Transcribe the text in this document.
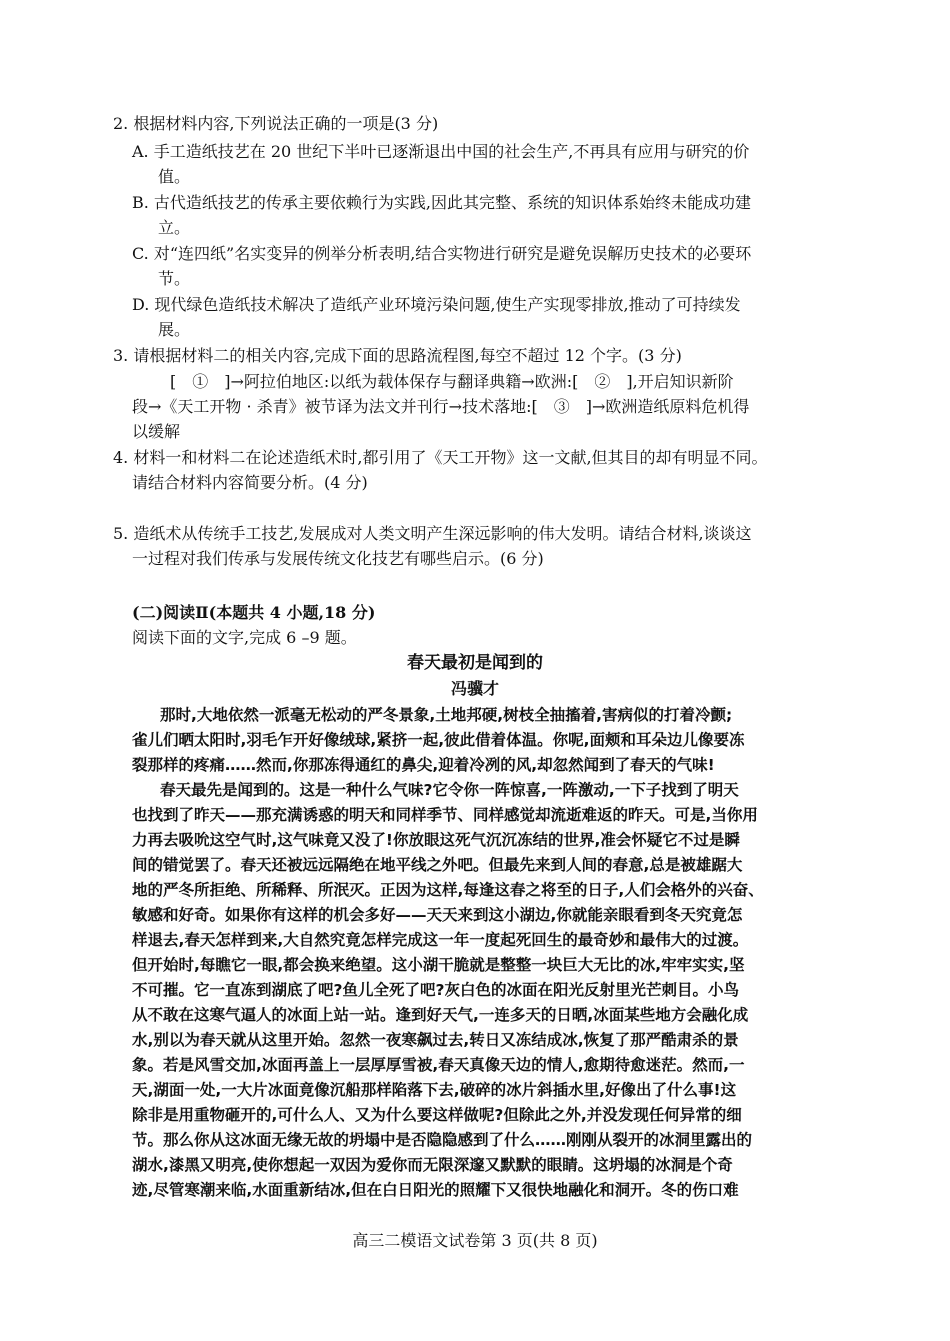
2. 根据材料内容,下列说法正确的一项是(3 分)
A. 手工造纸技艺在 20 世纪下半叶已逐渐退出中国的社会生产,不再具有应用与研究的价
值。
B. 古代造纸技艺的传承主要依赖行为实践,因此其完整、系统的知识体系始终未能成功建
立。
C. 对“连四纸”名实变异的例举分析表明,结合实物进行研究是避免误解历史技术的必要环
节。
D. 现代绿色造纸技术解决了造纸产业环境污染问题,使生产实现零排放,推动了可持续发
展。
3. 请根据材料二的相关内容,完成下面的思路流程图,每空不超过 12 个字。(3 分)
[　①　]→阿拉伯地区:以纸为载体保存与翻译典籍→欧洲:[　②　],开启知识新阶
段→《天工开物 · 杀青》被节译为法文并刊行→技术落地:[　③　]→欧洲造纸原料危机得
以缓解
4. 材料一和材料二在论述造纸术时,都引用了《天工开物》这一文献,但其目的却有明显不同。
请结合材料内容简要分析。(4 分)
5. 造纸术从传统手工技艺,发展成对人类文明产生深远影响的伟大发明。请结合材料,谈谈这
一过程对我们传承与发展传统文化技艺有哪些启示。(6 分)
(二)阅读Ⅱ(本题共 4 小题,18 分)
阅读下面的文字,完成 6 –9 题。
春天最初是闻到的
冯骥才
那时,大地依然一派毫无松动的严冬景象,土地邦硬,树枝全抽搐着,害病似的打着冷颤;
雀儿们晒太阳时,羽毛乍开好像绒球,紧挤一起,彼此借着体温。你呢,面颊和耳朵边儿像要冻
裂那样的疼痛……然而,你那冻得通红的鼻尖,迎着冷冽的风,却忽然闻到了春天的气味!
春天最先是闻到的。这是一种什么气味?它令你一阵惊喜,一阵激动,一下子找到了明天
也找到了昨天——那充满诱惑的明天和同样季节、同样感觉却流逝难返的昨天。可是,当你用
力再去吸吮这空气时,这气味竟又没了!你放眼这死气沉沉冻结的世界,准会怀疑它不过是瞬
间的错觉罢了。春天还被远远隔绝在地平线之外吧。但最先来到人间的春意,总是被雄踞大
地的严冬所拒绝、所稀释、所泯灭。正因为这样,每逢这春之将至的日子,人们会格外的兴奋、
敏感和好奇。如果你有这样的机会多好——天天来到这小湖边,你就能亲眼看到冬天究竟怎
样退去,春天怎样到来,大自然究竟怎样完成这一年一度起死回生的最奇妙和最伟大的过渡。
但开始时,每瞧它一眼,都会换来绝望。这小湖干脆就是整整一块巨大无比的冰,牢牢实实,坚
不可摧。它一直冻到湖底了吧?鱼儿全死了吧?灰白色的冰面在阳光反射里光芒刺目。小鸟
从不敢在这寒气逼人的冰面上站一站。逢到好天气,一连多天的日晒,冰面某些地方会融化成
水,别以为春天就从这里开始。忽然一夜寒飙过去,转日又冻结成冰,恢复了那严酷肃杀的景
象。若是风雪交加,冰面再盖上一层厚厚雪被,春天真像天边的情人,愈期待愈迷茫。然而,一
天,湖面一处,一大片冰面竟像沉船那样陷落下去,破碎的冰片斜插水里,好像出了什么事!这
除非是用重物砸开的,可什么人、又为什么要这样做呢?但除此之外,并没发现任何异常的细
节。那么你从这冰面无缘无故的坍塌中是否隐隐感到了什么……刚刚从裂开的冰洞里露出的
湖水,漆黑又明亮,使你想起一双因为爱你而无限深邃又默默的眼睛。这坍塌的冰洞是个奇
迹,尽管寒潮来临,水面重新结冰,但在白日阳光的照耀下又很快地融化和洞开。冬的伤口难
高三二模语文试卷第 3 页(共 8 页)
